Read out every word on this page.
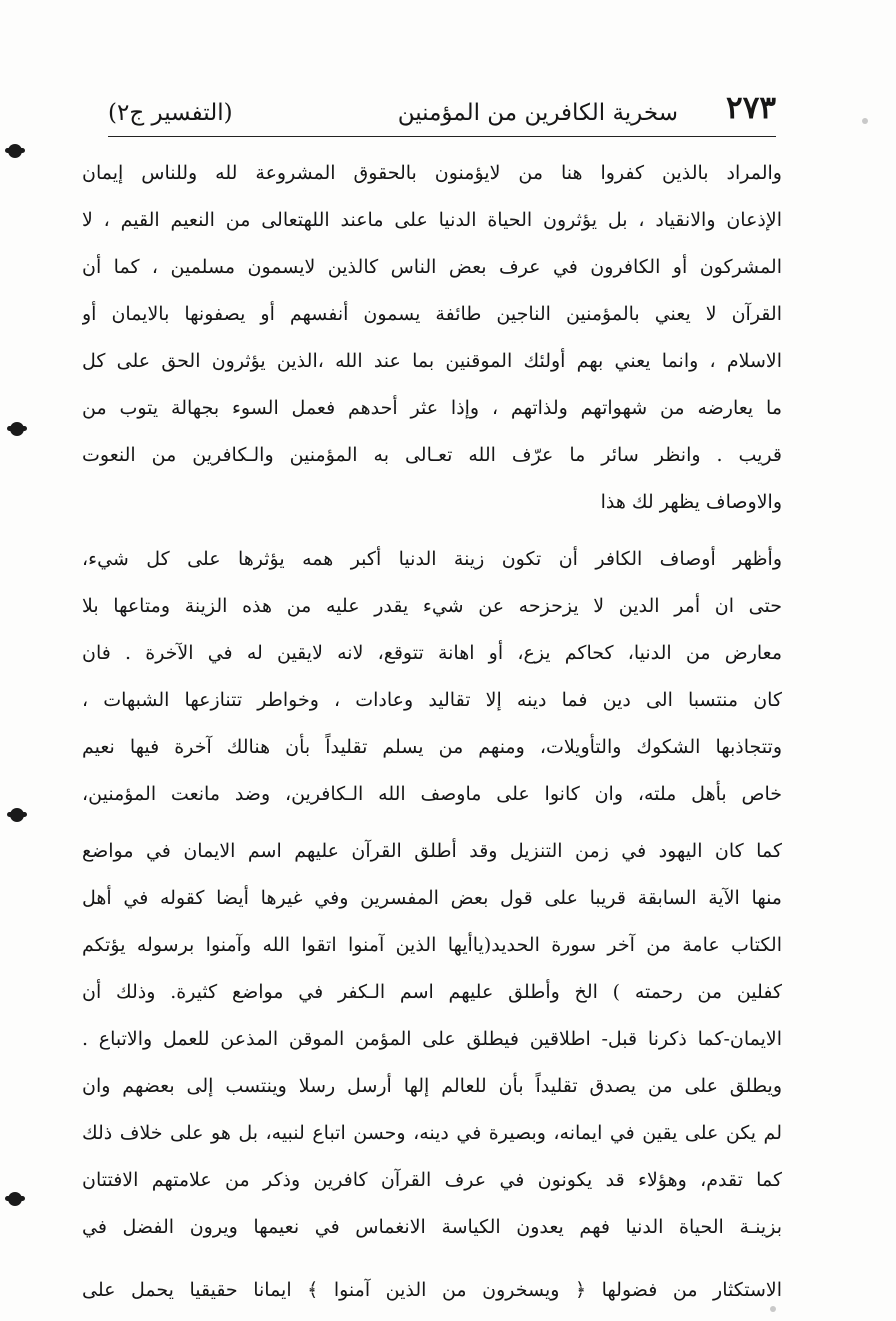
٢٧٣
سخرية الكافرين من المؤمنين
(التفسير ج٢)
والمراد بالذين كفروا هنا من لايؤمنون بالحقوق المشروعة لله وللناس إيمان
الإذعان والانقياد ، بل يؤثرون الحياة الدنيا على ماعند اللهتعالى من النعيم القيم ، لا
المشركون أو الكافرون في عرف بعض الناس كالذين لايسمون مسلمين ، كما أن
القرآن لا يعني بالمؤمنين الناجين طائفة يسمون أنفسهم أو يصفونها بالايمان أو
الاسلام ، وانما يعني بهم أولئك الموقنين بما عند الله ،الذين يؤثرون الحق على كل
ما يعارضه من شهواتهم ولذاتهم ، وإذا عثر أحدهم فعمل السوء بجهالة يتوب من
قريب . وانظر سائر ما عرّف الله تعـالى به المؤمنين والـكافرين من النعوت
والاوصاف يظهر لك هذا
وأظهر أوصاف الكافر أن تكون زينة الدنيا أكبر همه يؤثرها على كل شيء،
حتى ان أمر الدين لا يزحزحه عن شيء يقدر عليه من هذه الزينة ومتاعها بلا
معارض من الدنيا، كحاكم يزع، أو اهانة تتوقع، لانه لايقين له في الآخرة . فان
كان منتسبا الى دين فما دينه إلا تقاليد وعادات ، وخواطر تتنازعها الشبهات ،
وتتجاذبها الشكوك والتأويلات، ومنهم من يسلم تقليداً بأن هنالك آخرة فيها نعيم
خاص بأهل ملته، وان كانوا على ماوصف الله الـكافرين، وضد مانعت المؤمنين،
كما كان اليهود في زمن التنزيل وقد أطلق القرآن عليهم اسم الايمان في مواضع
منها الآية السابقة قريبا على قول بعض المفسرين وفي غيرها أيضا كقوله في أهل
الكتاب عامة من آخر سورة الحديد(ياأيها الذين آمنوا اتقوا الله وآمنوا برسوله يؤتكم
كفلين من رحمته ) الخ وأطلق عليهم اسم الـكفر في مواضع كثيرة. وذلك أن
الايمان-كما ذكرنا قبل- اطلاقين فيطلق على المؤمن الموقن المذعن للعمل والاتباع .
ويطلق على من يصدق تقليداً بأن للعالم إلها أرسل رسلا وينتسب إلى بعضهم وان
لم يكن على يقين في ايمانه، وبصيرة في دينه، وحسن اتباع لنبيه، بل هو على خلاف ذلك
كما تقدم، وهؤلاء قد يكونون في عرف القرآن كافرين وذكر من علامتهم الافتتان
بزينـة الحياة الدنيا فهم يعدون الكياسة الانغماس في نعيمها ويرون الفضل في
الاستكثار من فضولها ﴿ ويسخرون من الذين آمنوا ﴾ ايمانا حقيقيا يحمل على
